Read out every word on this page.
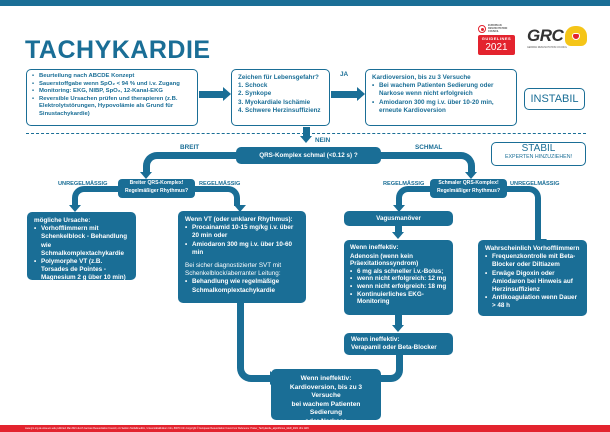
TACHYKARDIE
EUROPEAN
RESUSCITATION
COUNCIL
GUIDELINES
2021
GRC
GERMAN RESUSCITATION COUNCIL
• Beurteilung nach ABCDE Konzept
• Sauerstoffgabe wenn SpO₂ < 94 % und i.v. Zugang
• Monitoring: EKG, NIBP, SpO₂, 12-Kanal-EKG
• Reversible Ursachen prüfen und therapieren (z.B. Elektrolytstörungen, Hypovolämie als Grund für Sinustachykardie)
Zeichen für Lebensgefahr?
1. Schock
2. Synkope
3. Myokardiale Ischämie
4. Schwere Herzinsuffizienz
JA	Kardioversion, bis zu 3 Versuche
• Bei wachem Patienten Sedierung oder Narkose wenn nicht erfolgreich
• Amiodaron 300 mg i.v. über 10-20 min, erneute Kardioversion
INSTABIL
NEIN
QRS-Komplex schmal (<0.12 s) ?
BREIT	SCHMAL	STABIL
EXPERTEN HINZUZIEHEN!
Breiter QRS-Komplex!
Regelmäßiger Rhythmus?
UNREGELMÄSSIG	REGELMÄSSIG	Schmaler QRS-Komplex!
Regelmäßiger Rhythmus?
REGELMÄSSIG	UNREGELMÄSSIG
mögliche Ursache:
• Vorhofflimmern mit Schenkelblock - Behandlung wie Schmalkomplextachykardie
• Polymorphe VT (z.B. Torsades de Pointes - Magnesium 2 g über 10 min)
Wenn VT (oder unklarer Rhythmus):
• Procainamid 10-15 mg/kg i.v. über 20 min oder
• Amiodaron 300 mg i.v. über 10-60 min
Bei sicher diagnostizierter SVT mit Schenkelblock/aberranter Leitung:
• Behandlung wie regelmäßige Schmalkomplextachykardie
Vagusmanöver
Wenn ineffektiv:
Adenosin (wenn kein Präexitationssyndrom)
• 6 mg als schneller i.v.-Bolus;
• wenn nicht erfolgreich: 12 mg
• wenn nicht erfolgreich: 18 mg
• Kontinuierliches EKG-Monitoring
Wenn ineffektiv:
Verapamil oder Beta-Blocker
Wahrscheinlich Vorhofflimmern
• Frequenzkontrolle mit Beta-Blocker oder Diltiazem
• Erwäge Digoxin oder Amiodaron bei Hinweis auf Herzinsuffizienz
• Antikoagulation wenn Dauer > 48 h
Wenn ineffektiv:
Kardioversion, bis zu 3 Versuche
bei wachem Patienten Sedierung
oder Narkose
www.grc-org.de www.erc.edu publiziert Mai 2021 durch German Resuscitation Council, c/o Sektion Notfallmedizin, Universitätsklinikum Ulm, 89070 Ulm Copyright © European Resuscitation Council vor Reference: Poster_Tachykardie_algorithmus_GER_2021 Ulm GRC
